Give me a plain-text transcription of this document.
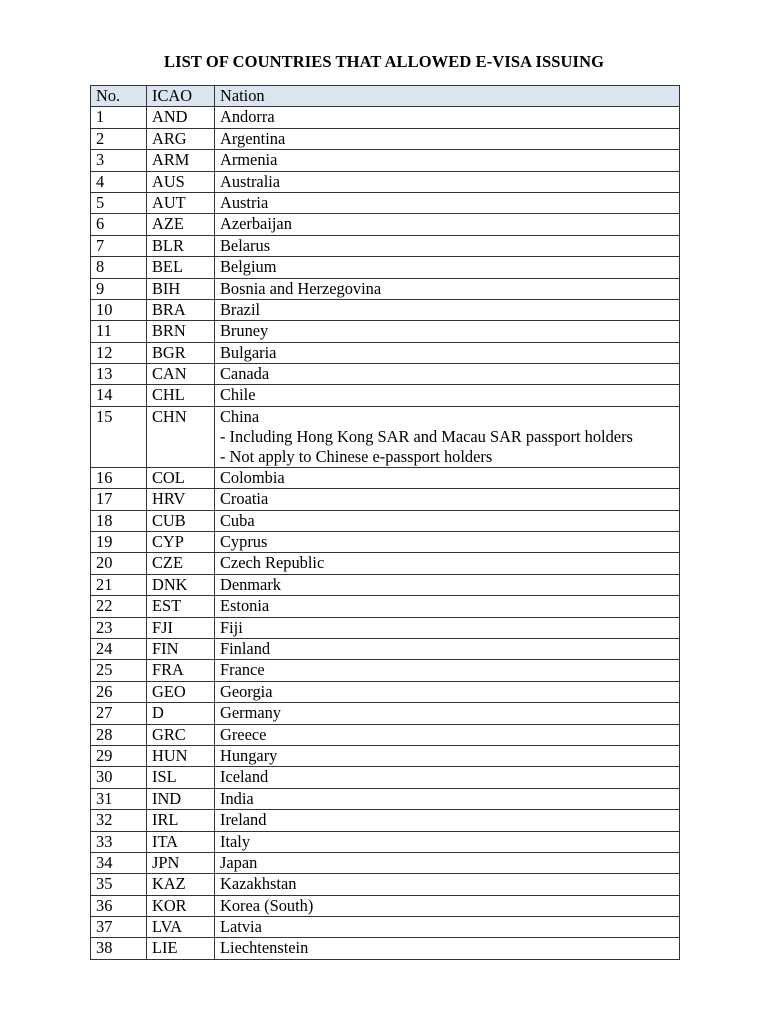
LIST OF COUNTRIES THAT ALLOWED E-VISA ISSUING
No.	ICAO	Nation
1	AND	Andorra

2	ARG	Argentina

3	ARM	Armenia

4	AUS	Australia

5	AUT	Austria

6	AZE	Azerbaijan

7	BLR	Belarus

8	BEL	Belgium

9	BIH	Bosnia and Herzegovina

10	BRA	Brazil

11	BRN	Bruney

12	BGR	Bulgaria

13	CAN	Canada

14	CHL	Chile

15	CHN	China
- Including Hong Kong SAR and Macau SAR passport holders
- Not apply to Chinese e-passport holders

16	COL	Colombia

17	HRV	Croatia

18	CUB	Cuba

19	CYP	Cyprus

20	CZE	Czech Republic

21	DNK	Denmark

22	EST	Estonia

23	FJI	Fiji

24	FIN	Finland

25	FRA	France

26	GEO	Georgia

27	D	Germany

28	GRC	Greece

29	HUN	Hungary

30	ISL	Iceland

31	IND	India

32	IRL	Ireland

33	ITA	Italy

34	JPN	Japan

35	KAZ	Kazakhstan

36	KOR	Korea (South)

37	LVA	Latvia

38	LIE	Liechtenstein
